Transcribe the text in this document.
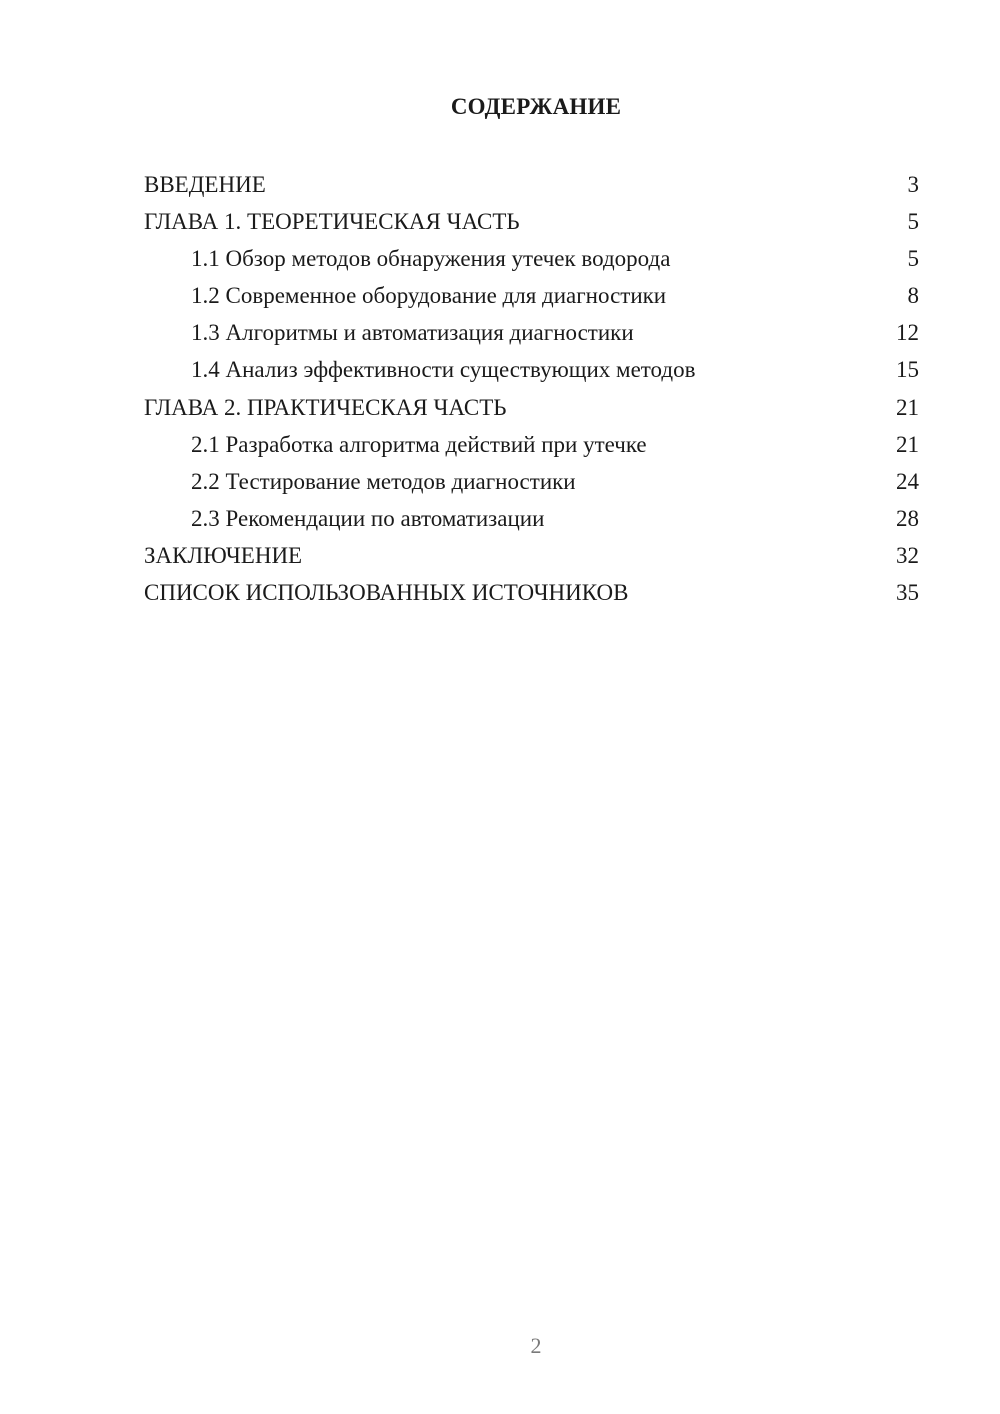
СОДЕРЖАНИЕ
ВВЕДЕНИЕ	3
ГЛАВА 1. ТЕОРЕТИЧЕСКАЯ ЧАСТЬ	5
1.1 Обзор методов обнаружения утечек водорода	5
1.2 Современное оборудование для диагностики	8
1.3 Алгоритмы и автоматизация диагностики	12
1.4 Анализ эффективности существующих методов	15
ГЛАВА 2. ПРАКТИЧЕСКАЯ ЧАСТЬ	21
2.1 Разработка алгоритма действий при утечке	21
2.2 Тестирование методов диагностики	24
2.3 Рекомендации по автоматизации	28
ЗАКЛЮЧЕНИЕ	32
СПИСОК ИСПОЛЬЗОВАННЫХ ИСТОЧНИКОВ	35
2
